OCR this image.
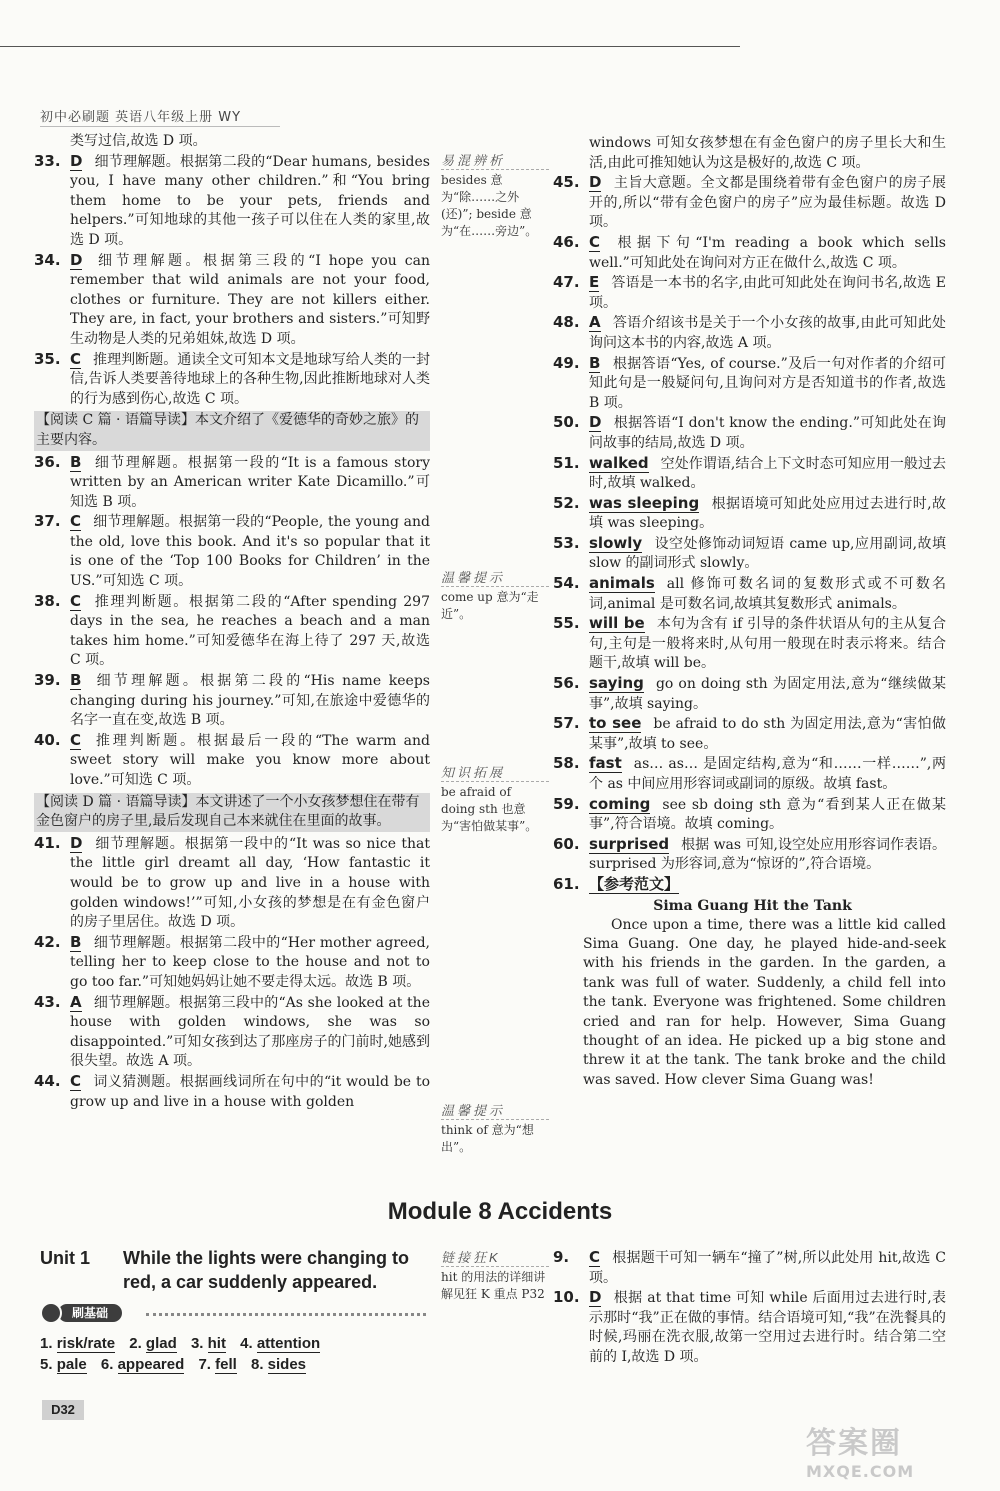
初中必刷题 英语八年级上册 WY
类写过信,故选 D 项。
33. D 细节理解题。根据第二段的“Dear humans, besides you, I have many other children.”和“You bring them home to be your pets, friends and helpers.”可知地球的其他一孩子可以住在人类的家里,故选 D 项。
34. D 细节理解题。根据第三段的“I hope you can remember that wild animals are not your food, clothes or furniture. They are not killers either. They are, in fact, your brothers and sisters.”可知野生动物是人类的兄弟姐妹,故选 D 项。
35. C 推理判断题。通读全文可知本文是地球写给人类的一封信,告诉人类要善待地球上的各种生物,因此推断地球对人类的行为感到伤心,故选 C 项。
【阅读 C 篇 · 语篇导读】本文介绍了《爱德华的奇妙之旅》的主要内容。
36. B 细节理解题。根据第一段的“It is a famous story written by an American writer Kate Dicamillo.”可知选 B 项。
37. C 细节理解题。根据第一段的“People, the young and the old, love this book. And it's so popular that it is one of the ‘Top 100 Books for Children’ in the US.”可知选 C 项。
38. C 推理判断题。根据第二段的“After spending 297 days in the sea, he reaches a beach and a man takes him home.”可知爱德华在海上待了 297 天,故选 C 项。
39. B 细节理解题。根据第二段的“His name keeps changing during his journey.”可知,在旅途中爱德华的名字一直在变,故选 B 项。
40. C 推理判断题。根据最后一段的“The warm and sweet story will make you know more about love.”可知选 C 项。
【阅读 D 篇 · 语篇导读】本文讲述了一个小女孩梦想住在带有金色窗户的房子里,最后发现自己本来就住在里面的故事。
41. D 细节理解题。根据第一段中的“It was so nice that the little girl dreamt all day, ‘How fantastic it would be to grow up and live in a house with golden windows!’”可知,小女孩的梦想是在有金色窗户的房子里居住。故选 D 项。
42. B 细节理解题。根据第二段中的“Her mother agreed, telling her to keep close to the house and not to go too far.”可知她妈妈让她不要走得太远。故选 B 项。
43. A 细节理解题。根据第三段中的“As she looked at the house with golden windows, she was so disappointed.”可知女孩到达了那座房子的门前时,她感到很失望。故选 A 项。
44. C 词义猜测题。根据画线词所在句中的“it would be to grow up and live in a house with golden
易混辨析
besides 意为“除……之外(还)”; beside 意为“在……旁边”。
温馨提示
come up 意为“走近”。
知识拓展
be afraid of doing sth 也意为“害怕做某事”。
温馨提示
think of 意为“想出”。
链接狂K
hit 的用法的详细讲解见狂 K 重点 P32
windows 可知女孩梦想在有金色窗户的房子里长大和生活,由此可推知她认为这是极好的,故选 C 项。
45. D 主旨大意题。全文都是围绕着带有金色窗户的房子展开的,所以“带有金色窗户的房子”应为最佳标题。故选 D 项。
46. C 根据下句“I'm reading a book which sells well.”可知此处在询问对方正在做什么,故选 C 项。
47. E 答语是一本书的名字,由此可知此处在询问书名,故选 E 项。
48. A 答语介绍该书是关于一个小女孩的故事,由此可知此处询问这本书的内容,故选 A 项。
49. B 根据答语“Yes, of course.”及后一句对作者的介绍可知此句是一般疑问句,且询问对方是否知道书的作者,故选 B 项。
50. D 根据答语“I don't know the ending.”可知此处在询问故事的结局,故选 D 项。
51. walked 空处作谓语,结合上下文时态可知应用一般过去时,故填 walked。
52. was sleeping 根据语境可知此处应用过去进行时,故填 was sleeping。
53. slowly 设空处修饰动词短语 came up,应用副词,故填 slow 的副词形式 slowly。
54. animals all 修饰可数名词的复数形式或不可数名词,animal 是可数名词,故填其复数形式 animals。
55. will be 本句为含有 if 引导的条件状语从句的主从复合句,主句是一般将来时,从句用一般现在时表示将来。结合题干,故填 will be。
56. saying go on doing sth 为固定用法,意为“继续做某事”,故填 saying。
57. to see be afraid to do sth 为固定用法,意为“害怕做某事”,故填 to see。
58. fast as… as… 是固定结构,意为“和……一样……”,两个 as 中间应用形容词或副词的原级。故填 fast。
59. coming see sb doing sth 意为“看到某人正在做某事”,符合语境。故填 coming。
60. surprised 根据 was 可知,设空处应用形容词作表语。surprised 为形容词,意为“惊讶的”,符合语境。
61. 【参考范文】
Sima Guang Hit the Tank

Once upon a time, there was a little kid called Sima Guang. One day, he played hide-and-seek with his friends in the garden. In the garden, a tank was full of water. Suddenly, a child fell into the tank. Everyone was frightened. Some children cried and ran for help. However, Sima Guang thought of an idea. He picked up a big stone and threw it at the tank. The tank broke and the child was saved. How clever Sima Guang was!

Module 8 Accidents
Unit 1 While the lights were changing to red, a car suddenly appeared.
刷基础
1. risk/rate 2. glad 3. hit 4. attention
5. pale 6. appeared 7. fell 8. sides
9. C 根据题干可知一辆车“撞了”树,所以此处用 hit,故选 C 项。
10. D 根据 at that time 可知 while 后面用过去进行时,表示那时“我”正在做的事情。结合语境可知,“我”在洗餐具的时候,玛丽在洗衣服,故第一空用过去进行时。结合第二空前的 I,故选 D 项。
D32
答案圈
MXQE.COM
